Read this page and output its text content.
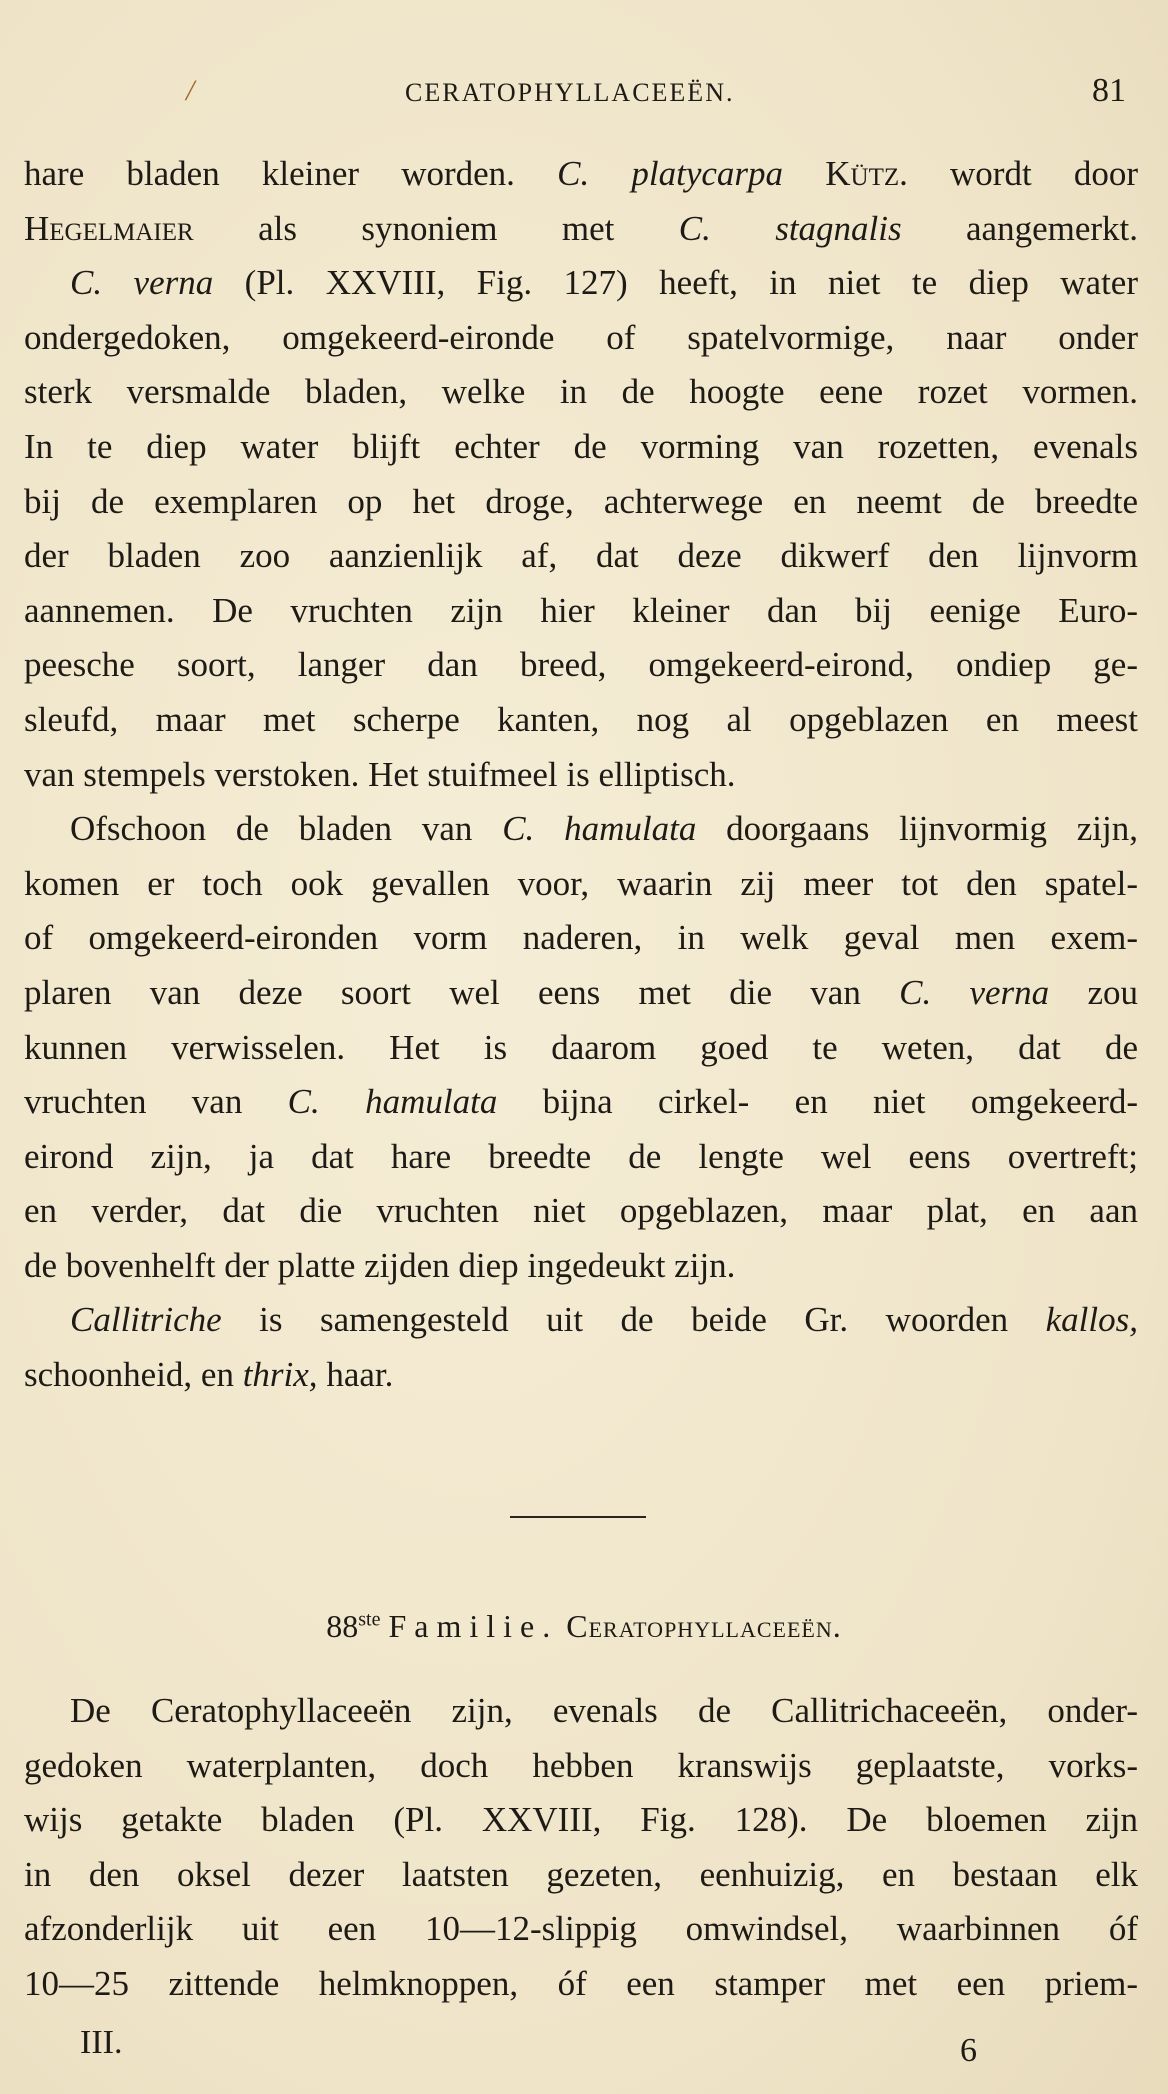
/	CERATOPHYLLACEEËN.	81
hare bladen kleiner worden. C. platycarpa Kütz. wordt door
Hegelmaier als synoniem met C. stagnalis aangemerkt.
C. verna (Pl. XXVIII, Fig. 127) heeft, in niet te diep water
ondergedoken, omgekeerd-eironde of spatelvormige, naar onder
sterk versmalde bladen, welke in de hoogte eene rozet vormen.
In te diep water blijft echter de vorming van rozetten, evenals
bij de exemplaren op het droge, achterwege en neemt de breedte
der bladen zoo aanzienlijk af, dat deze dikwerf den lijnvorm
aannemen. De vruchten zijn hier kleiner dan bij eenige Euro-
peesche soort, langer dan breed, omgekeerd-eirond, ondiep ge-
sleufd, maar met scherpe kanten, nog al opgeblazen en meest
van stempels verstoken. Het stuifmeel is elliptisch.
Ofschoon de bladen van C. hamulata doorgaans lijnvormig zijn,
komen er toch ook gevallen voor, waarin zij meer tot den spatel-
of omgekeerd-eironden vorm naderen, in welk geval men exem-
plaren van deze soort wel eens met die van C. verna zou
kunnen verwisselen. Het is daarom goed te weten, dat de
vruchten van C. hamulata bijna cirkel- en niet omgekeerd-
eirond zijn, ja dat hare breedte de lengte wel eens overtreft;
en verder, dat die vruchten niet opgeblazen, maar plat, en aan
de bovenhelft der platte zijden diep ingedeukt zijn.
Callitriche is samengesteld uit de beide Gr. woorden kallos,
schoonheid, en thrix, haar.
88ste Familie. Ceratophyllaceeën.
De Ceratophyllaceeën zijn, evenals de Callitrichaceeën, onder-
gedoken waterplanten, doch hebben kranswijs geplaatste, vorks-
wijs getakte bladen (Pl. XXVIII, Fig. 128). De bloemen zijn
in den oksel dezer laatsten gezeten, eenhuizig, en bestaan elk
afzonderlijk uit een 10—12-slippig omwindsel, waarbinnen óf
10—25 zittende helmknoppen, óf een stamper met een priem-
III.	6
